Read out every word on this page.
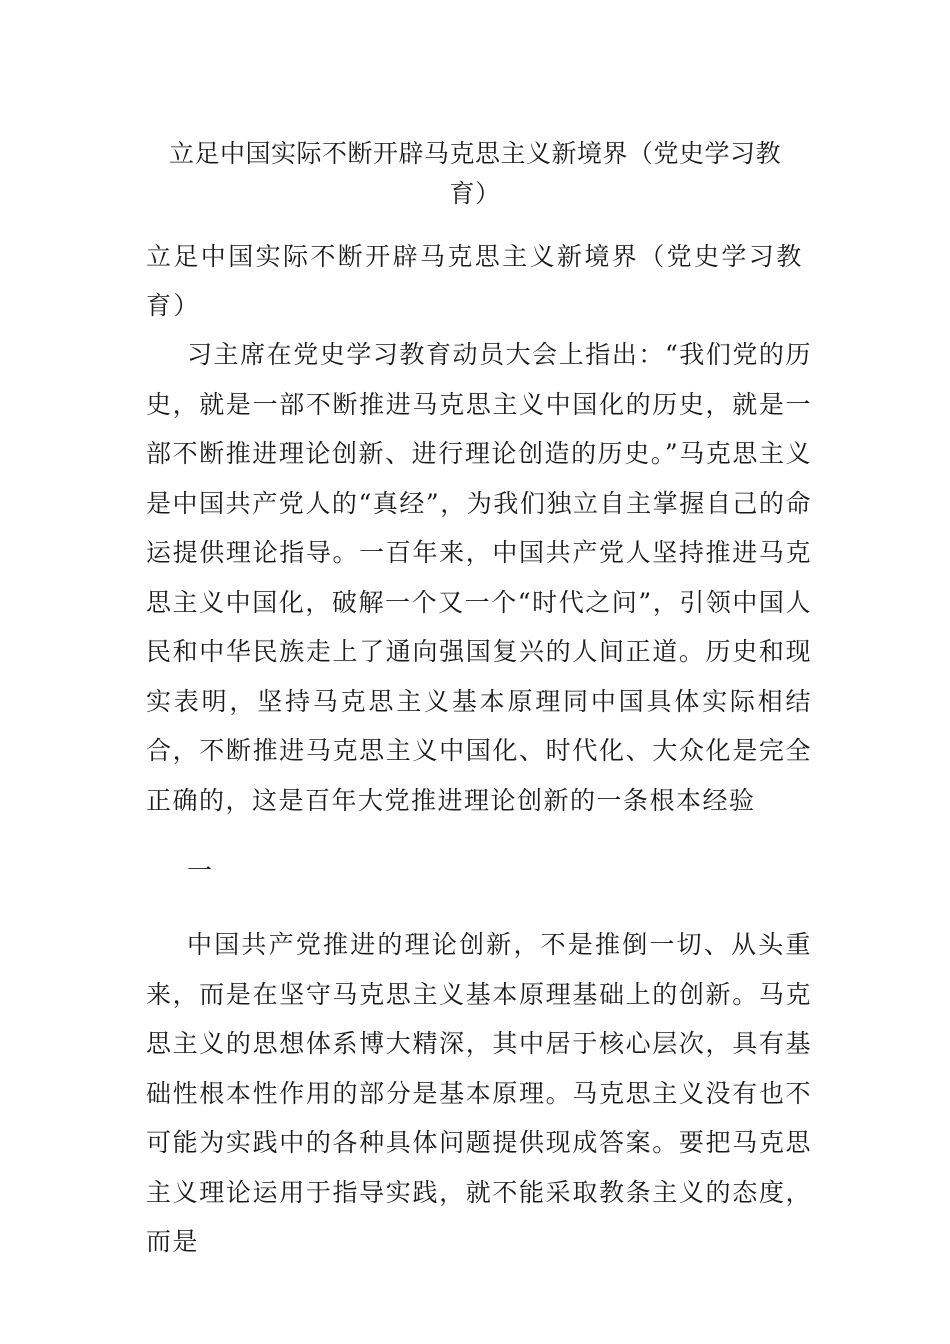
立足中国实际不断开辟马克思主义新境界（党史学习教
育）
立足中国实际不断开辟马克思主义新境界（党史学习教育）
习主席在党史学习教育动员大会上指出：“我们党的历史，就是一部不断推进马克思主义中国化的历史，就是一部不断推进理论创新、进行理论创造的历史。”马克思主义是中国共产党人的“真经”，为我们独立自主掌握自己的命运提供理论指导。一百年来，中国共产党人坚持推进马克思主义中国化，破解一个又一个“时代之问”，引领中国人民和中华民族走上了通向强国复兴的人间正道。历史和现实表明，坚持马克思主义基本原理同中国具体实际相结合，不断推进马克思主义中国化、时代化、大众化是完全正确的，这是百年大党推进理论创新的一条根本经验
一
中国共产党推进的理论创新，不是推倒一切、从头重来，而是在坚守马克思主义基本原理基础上的创新。马克思主义的思想体系博大精深，其中居于核心层次，具有基础性根本性作用的部分是基本原理。马克思主义没有也不可能为实践中的各种具体问题提供现成答案。要把马克思主义理论运用于指导实践，就不能采取教条主义的态度，而是
